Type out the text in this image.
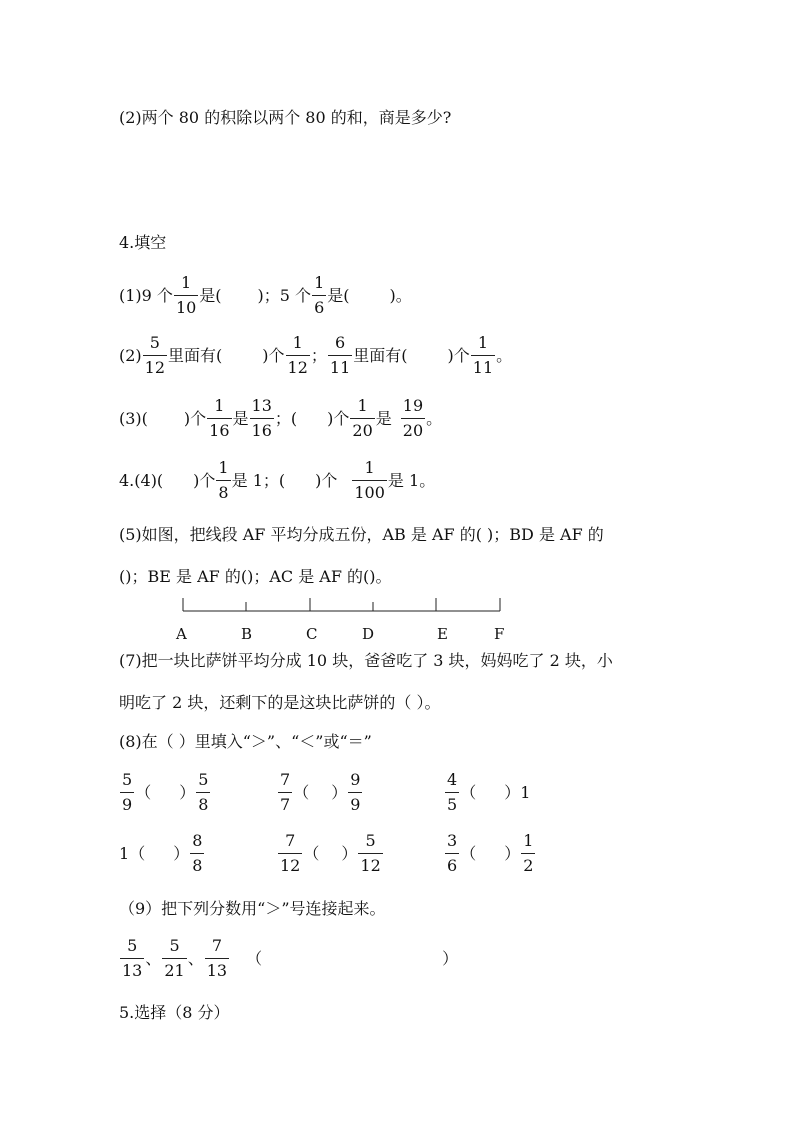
(2)两个 80 的积除以两个 80 的和，商是多少?
4.填空
(1)9 个 $\frac{1}{10}$ 是( )；5 个 $\frac{1}{6}$ 是(	)。
$(2) \frac{5}{12}$ 里面有(	)个 $\frac{1}{12}$ ； $\frac{6}{11}$ 里面有(	)个 $\frac{1}{11}$ 。
(3)( )个 $\frac{1}{16}$ 是 $\frac{13}{16}$ ；( )个 $\frac{1}{20}$ 是 $\frac{19}{20}$ 。
4.(4)( )个 $\frac{1}{8}$ 是 1；( )个 $\frac{1}{100}$ 是 1。
(5)如图，把线段 AF 平均分成五份，AB 是 AF 的( )；BD 是 AF 的
()；BE 是 AF 的()；AC 是 AF 的()。
A	B	C	D	E	F
(7)把一块比萨饼平均分成 10 块，爸爸吃了 3 块，妈妈吃了 2 块，小
明吃了 2 块，还剩下的是这块比萨饼的（ ）。
(8)在（ ）里填入“＞”、“＜”或“＝”
$\frac{5}{9}$ （ ） $\frac{5}{8}$	$\frac{7}{7}$ （ ） $\frac{9}{9}$	$\frac{4}{5}$ （ ）1
1（ ） $\frac{8}{8}$	$\frac{7}{12}$ （ ） $\frac{5}{12}$	$\frac{3}{6}$ （ ） $\frac{1}{2}$
（9）把下列分数用“＞”号连接起来。
$\frac{5}{13}$ 、 $\frac{5}{21}$ 、 $\frac{7}{13}$ （	）
5.选择（8 分）
